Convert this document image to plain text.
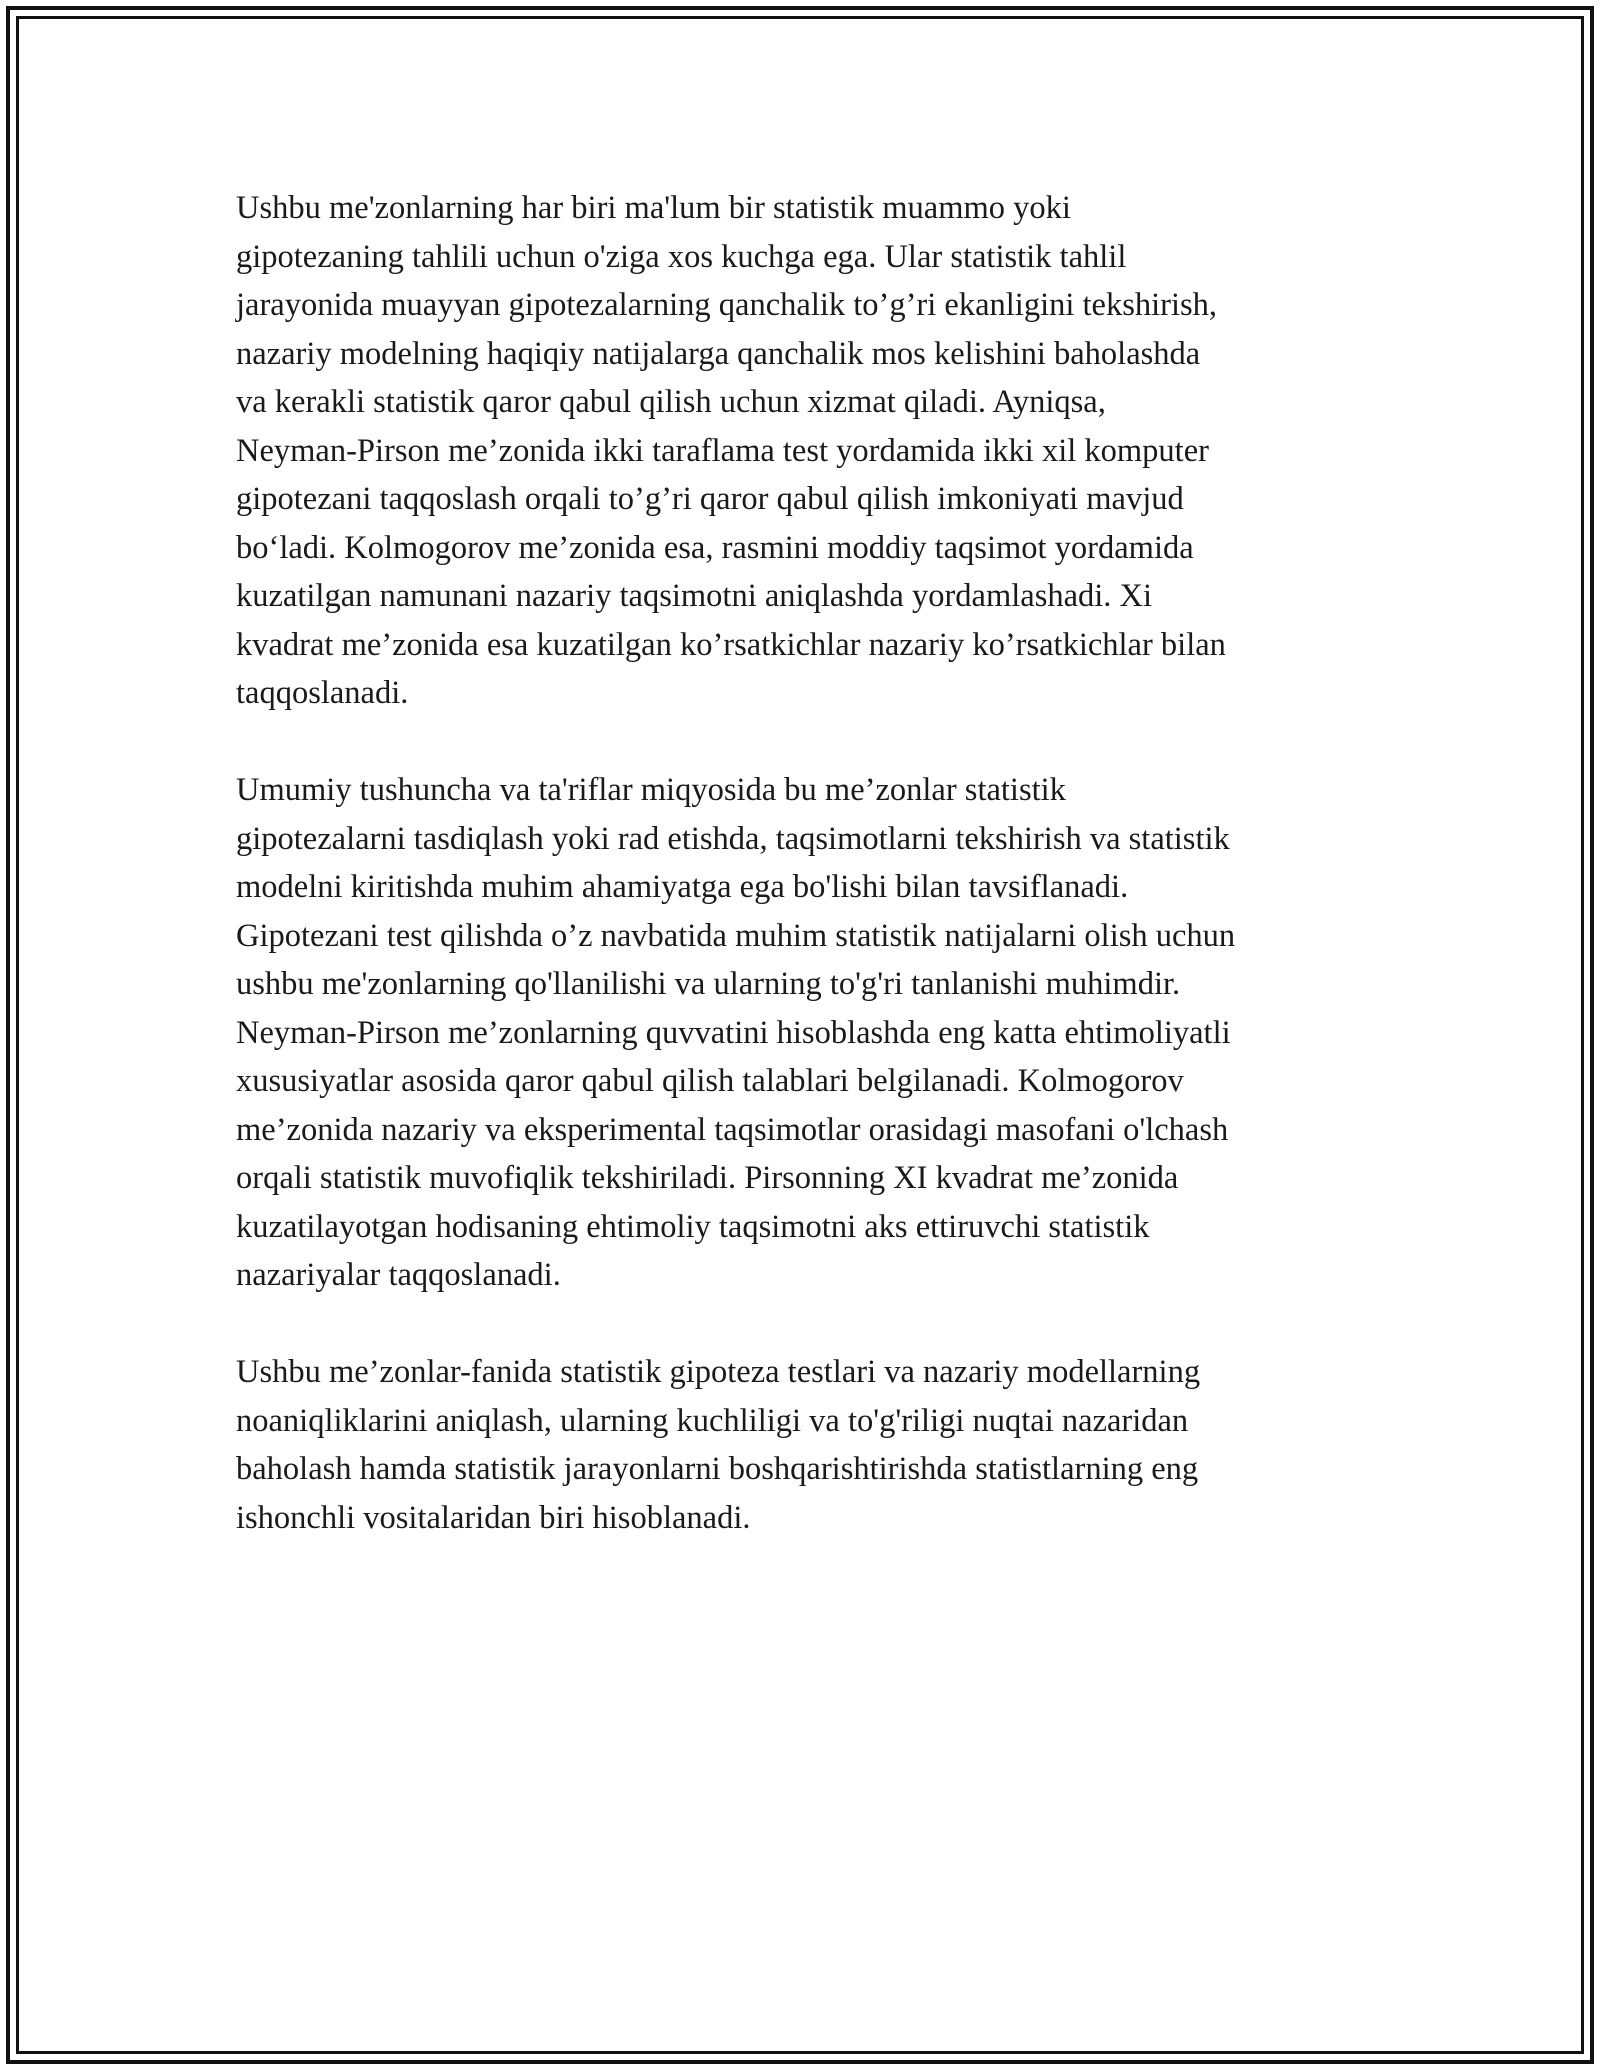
Ushbu me'zonlarning har biri ma'lum bir statistik muammo yoki
gipotezaning tahlili uchun o'ziga xos kuchga ega. Ular statistik tahlil
jarayonida muayyan gipotezalarning qanchalik to’g’ri ekanligini tekshirish,
nazariy modelning haqiqiy natijalarga qanchalik mos kelishini baholashda
va kerakli statistik qaror qabul qilish uchun xizmat qiladi. Ayniqsa,
Neyman-Pirson me’zonida ikki taraflama test yordamida ikki xil komputer
gipotezani taqqoslash orqali to’g’ri qaror qabul qilish imkoniyati mavjud
bo‘ladi. Kolmogorov me’zonida esa, rasmini moddiy taqsimot yordamida
kuzatilgan namunani nazariy taqsimotni aniqlashda yordamlashadi. Xi
kvadrat me’zonida esa kuzatilgan ko’rsatkichlar nazariy ko’rsatkichlar bilan
taqqoslanadi.

Umumiy tushuncha va ta'riflar miqyosida bu me’zonlar statistik
gipotezalarni tasdiqlash yoki rad etishda, taqsimotlarni tekshirish va statistik
modelni kiritishda muhim ahamiyatga ega bo'lishi bilan tavsiflanadi.
Gipotezani test qilishda o’z navbatida muhim statistik natijalarni olish uchun
ushbu me'zonlarning qo'llanilishi va ularning to'g'ri tanlanishi muhimdir.
Neyman-Pirson me’zonlarning quvvatini hisoblashda eng katta ehtimoliyatli
xususiyatlar asosida qaror qabul qilish talablari belgilanadi. Kolmogorov
me’zonida nazariy va eksperimental taqsimotlar orasidagi masofani o'lchash
orqali statistik muvofiqlik tekshiriladi. Pirsonning XI kvadrat me’zonida
kuzatilayotgan hodisaning ehtimoliy taqsimotni aks ettiruvchi statistik
nazariyalar taqqoslanadi.

Ushbu me’zonlar-fanida statistik gipoteza testlari va nazariy modellarning
noaniqliklarini aniqlash, ularning kuchliligi va to'g'riligi nuqtai nazaridan
baholash hamda statistik jarayonlarni boshqarishtirishda statistlarning eng
ishonchli vositalaridan biri hisoblanadi.
